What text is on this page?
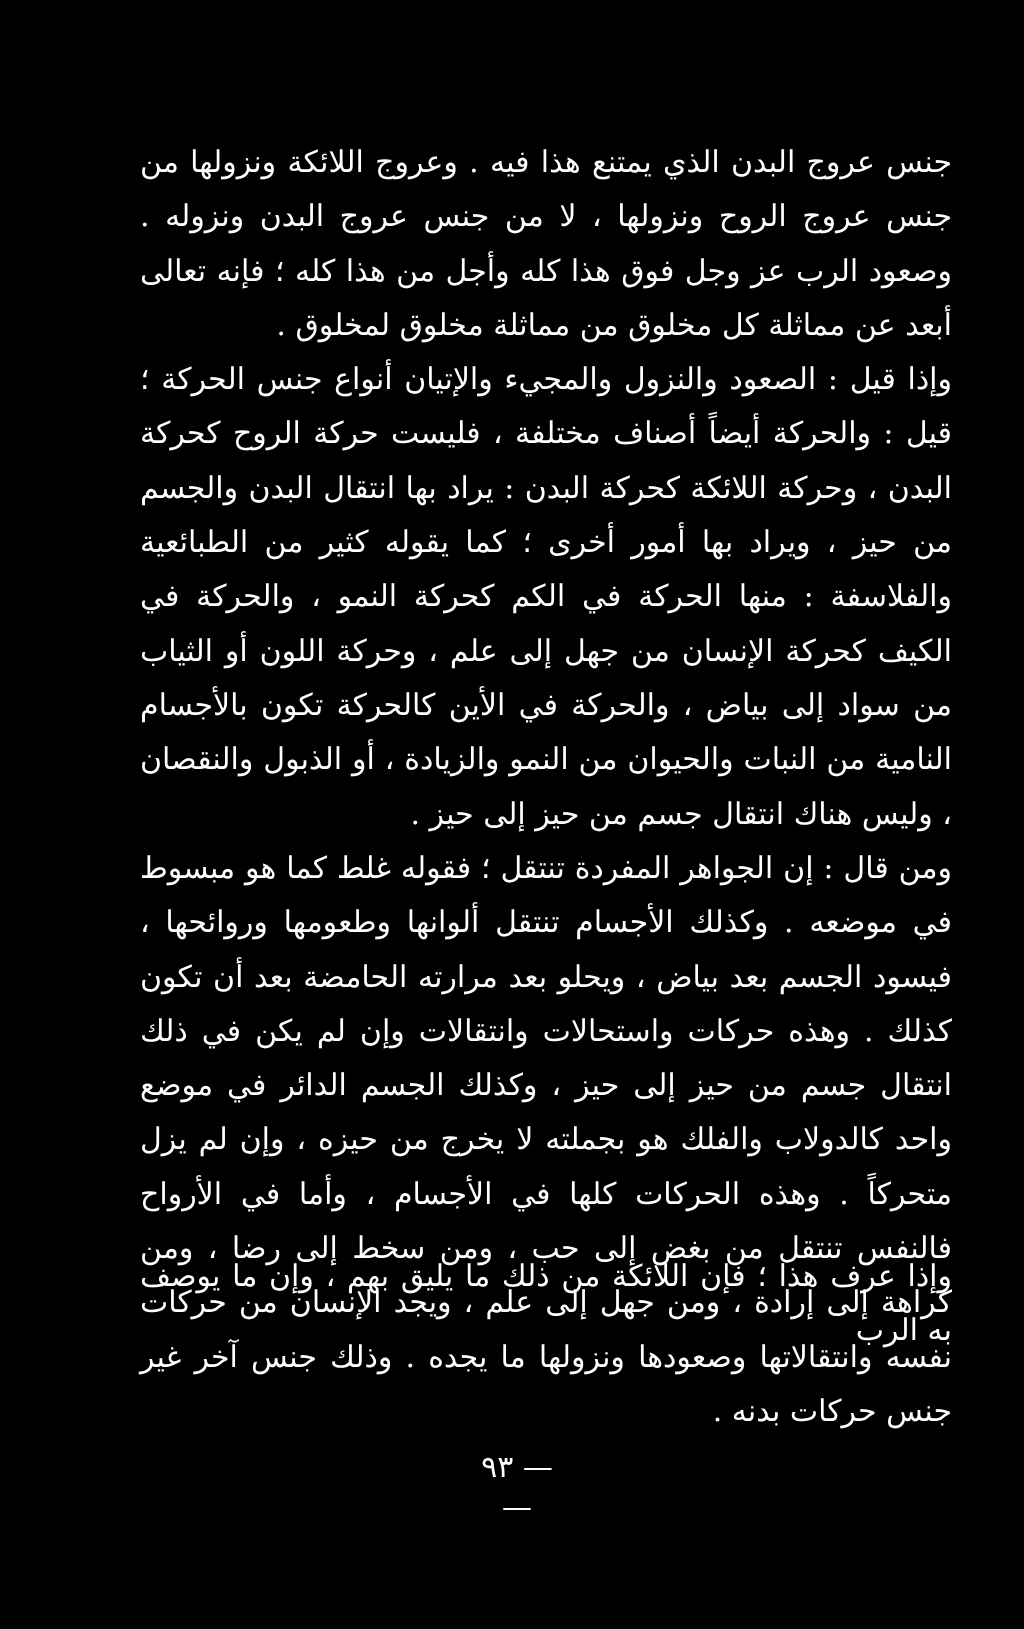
جنس عروج البدن الذي يمتنع هذا فيه . وعروج اللائكة ونزولها من جنس عروج الروح ونزولها ، لا من جنس عروج البدن ونزوله . وصعود الرب عز وجل فوق هذا كله وأجل من هذا كله ؛ فإنه تعالى أبعد عن مماثلة كل مخلوق من مماثلة مخلوق لمخلوق .

وإذا قيل : الصعود والنزول والمجيء والإتيان أنواع جنس الحركة ؛ قيل : والحركة أيضاً أصناف مختلفة ، فليست حركة الروح كحركة البدن ، وحركة اللائكة كحركة البدن : يراد بها انتقال البدن والجسم من حيز ، ويراد بها أمور أخرى ؛ كما يقوله كثير من الطبائعية والفلاسفة : منها الحركة في الكم كحركة النمو ، والحركة في الكيف كحركة الإنسان من جهل إلى علم ، وحركة اللون أو الثياب من سواد إلى بياض ، والحركة في الأين كالحركة تكون بالأجسام النامية من النبات والحيوان من النمو والزيادة ، أو الذبول والنقصان ، وليس هناك انتقال جسم من حيز إلى حيز .

ومن قال : إن الجواهر المفردة تنتقل ؛ فقوله غلط كما هو مبسوط في موضعه . وكذلك الأجسام تنتقل ألوانها وطعومها وروائحها ، فيسود الجسم بعد بياض ، ويحلو بعد مرارته الحامضة بعد أن تكون كذلك . وهذه حركات واستحالات وانتقالات وإن لم يكن في ذلك انتقال جسم من حيز إلى حيز ، وكذلك الجسم الدائر في موضع واحد كالدولاب والفلك هو بجملته لا يخرج من حيزه ، وإن لم يزل متحركاً . وهذه الحركات كلها في الأجسام ، وأما في الأرواح فالنفس تنتقل من بغض إلى حب ، ومن سخط إلى رضا ، ومن كراهة إلى إرادة ، ومن جهل إلى علم ، ويجد الإنسان من حركات نفسه وانتقالاتها وصعودها ونزولها ما يجده . وذلك جنس آخر غير جنس حركات بدنه .

وإذا عرف هذا ؛ فإن اللائكة من ذلك ما يليق بهم ، وإن ما يوصف به الرب

— ٩٣ —
